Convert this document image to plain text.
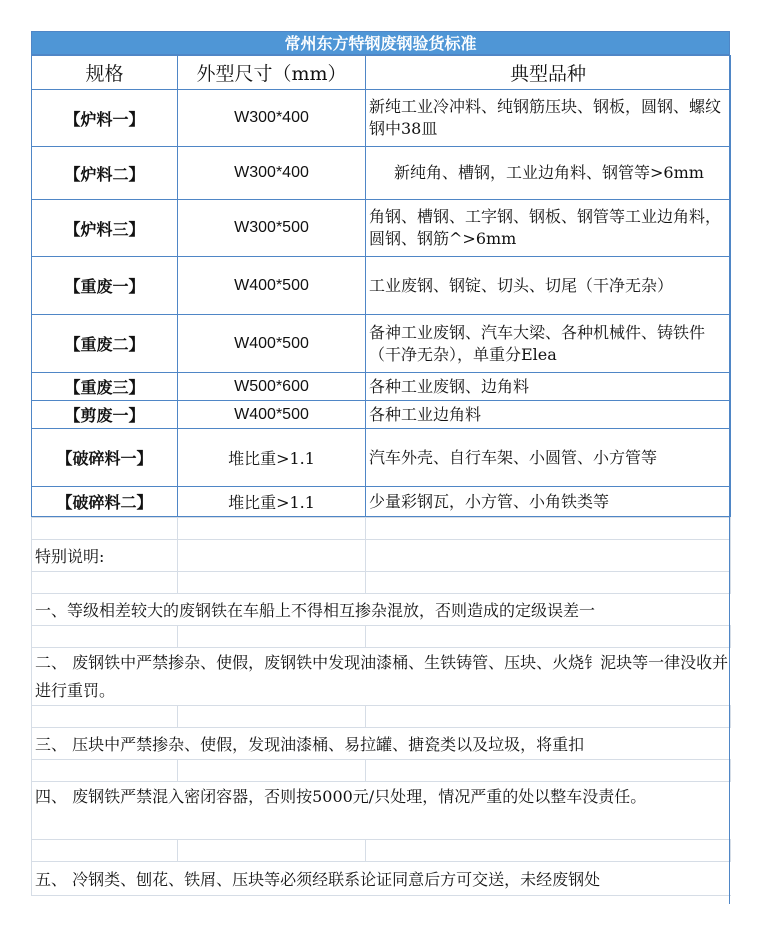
常州东方特钢废钢验货标准
规格	外型尺寸（mm）	典型品种
【炉料一】	W300*400	新纯工业冷冲料、纯钢筋压块、钢板，圆钢、螺纹钢中38皿
【炉料二】	W300*400	新纯角、槽钢，工业边角料、钢管等>6mm
【炉料三】	W300*500	角钢、槽钢、工字钢、钢板、钢管等工业边角料，圆钢、钢筋^>6mm
【重废一】	W400*500	工业废钢、钢锭、切头、切尾（干净无杂）
【重废二】	W400*500	备神工业废钢、汽车大梁、各种机械件、铸铁件（干净无杂），单重分Elea
【重废三】	W500*600	各种工业废钢、边角料
【剪废一】	W400*500	各种工业边角料
【破碎料一】	堆比重>1.1	汽车外壳、自行车架、小圆管、小方管等
【破碎料二】	堆比重>1.1	少量彩钢瓦，小方管、小角铁类等

特别说明:		

一、等级相差较大的废钢铁在车船上不得相互掺杂混放，否则造成的定级误差一		

二、 废钢铁中严禁掺杂、使假，废钢铁中发现油漆桶、生铁铸管、压块、火烧钅泥块等一律没收并进行重罚。		

三、 压块中严禁掺杂、使假，发现油漆桶、易拉罐、搪瓷类以及垃圾，将重扣		

四、 废钢铁严禁混入密闭容器，否则按5000元/只处理，情况严重的处以整车没责任。		

五、 冷钢类、刨花、铁屑、压块等必须经联系论证同意后方可交送，未经废钢处		
